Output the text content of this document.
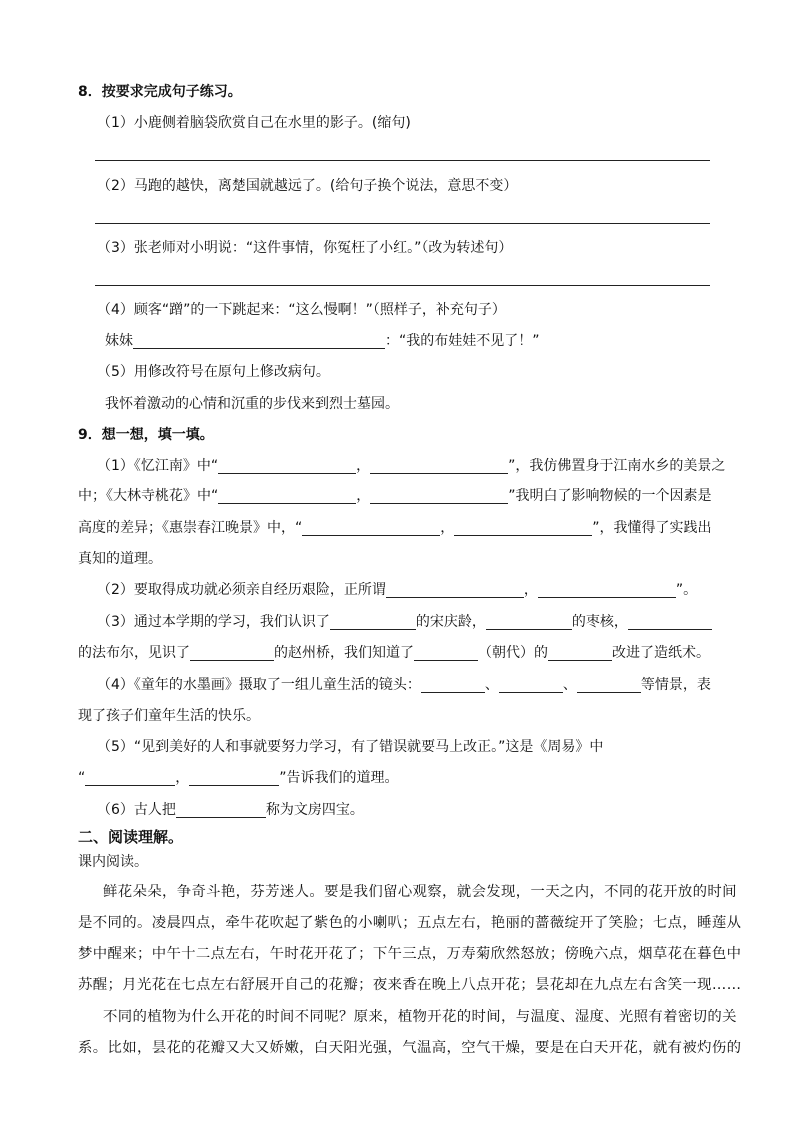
8．按要求完成句子练习。
（1）小鹿侧着脑袋欣赏自己在水里的影子。(缩句)
（2）马跑的越快，离楚国就越远了。(给句子换个说法，意思不变）
（3）张老师对小明说：“这件事情，你冤枉了小红。”（改为转述句）
（4）顾客“蹭”的一下跳起来：“这么慢啊！”（照样子，补充句子）
妹妹	：“我的布娃娃不见了！”
（5）用修改符号在原句上修改病句。
我怀着激动的心情和沉重的步伐来到烈士墓园。
9．想一想，填一填。
（1）《忆江南》中“	，	”，我仿佛置身于江南水乡的美景之
中；《大林寺桃花》中“	，	”我明白了影响物候的一个因素是
高度的差异；《惠崇春江晚景》中，“	，	”，我懂得了实践出
真知的道理。
（2）要取得成功就必须亲自经历艰险，正所谓	，	”。
（3）通过本学期的学习，我们认识了	的宋庆龄，	的枣核，
的法布尔，见识了	的赵州桥，我们知道了	（朝代）的	改进了造纸术。
（4）《童年的水墨画》摄取了一组儿童生活的镜头：	、	、	等情景，表
现了孩子们童年生活的快乐。
（5）“见到美好的人和事就要努力学习，有了错误就要马上改正。”这是《周易》中
“	，	”告诉我们的道理。
（6）古人把	称为文房四宝。
二、阅读理解。
课内阅读。
鲜花朵朵，争奇斗艳，芬芳迷人。要是我们留心观察，就会发现，一天之内，不同的花开放的时间
是不同的。凌晨四点，牵牛花吹起了紫色的小喇叭；五点左右，艳丽的蔷薇绽开了笑脸；七点，睡莲从
梦中醒来；中午十二点左右，午时花开花了；下午三点，万寿菊欣然怒放；傍晚六点，烟草花在暮色中
苏醒；月光花在七点左右舒展开自己的花瓣；夜来香在晚上八点开花；昙花却在九点左右含笑一现……
不同的植物为什么开花的时间不同呢？原来，植物开花的时间，与温度、湿度、光照有着密切的关
系。比如，昙花的花瓣又大又娇嫩，白天阳光强，气温高，空气干燥，要是在白天开花，就有被灼伤的
